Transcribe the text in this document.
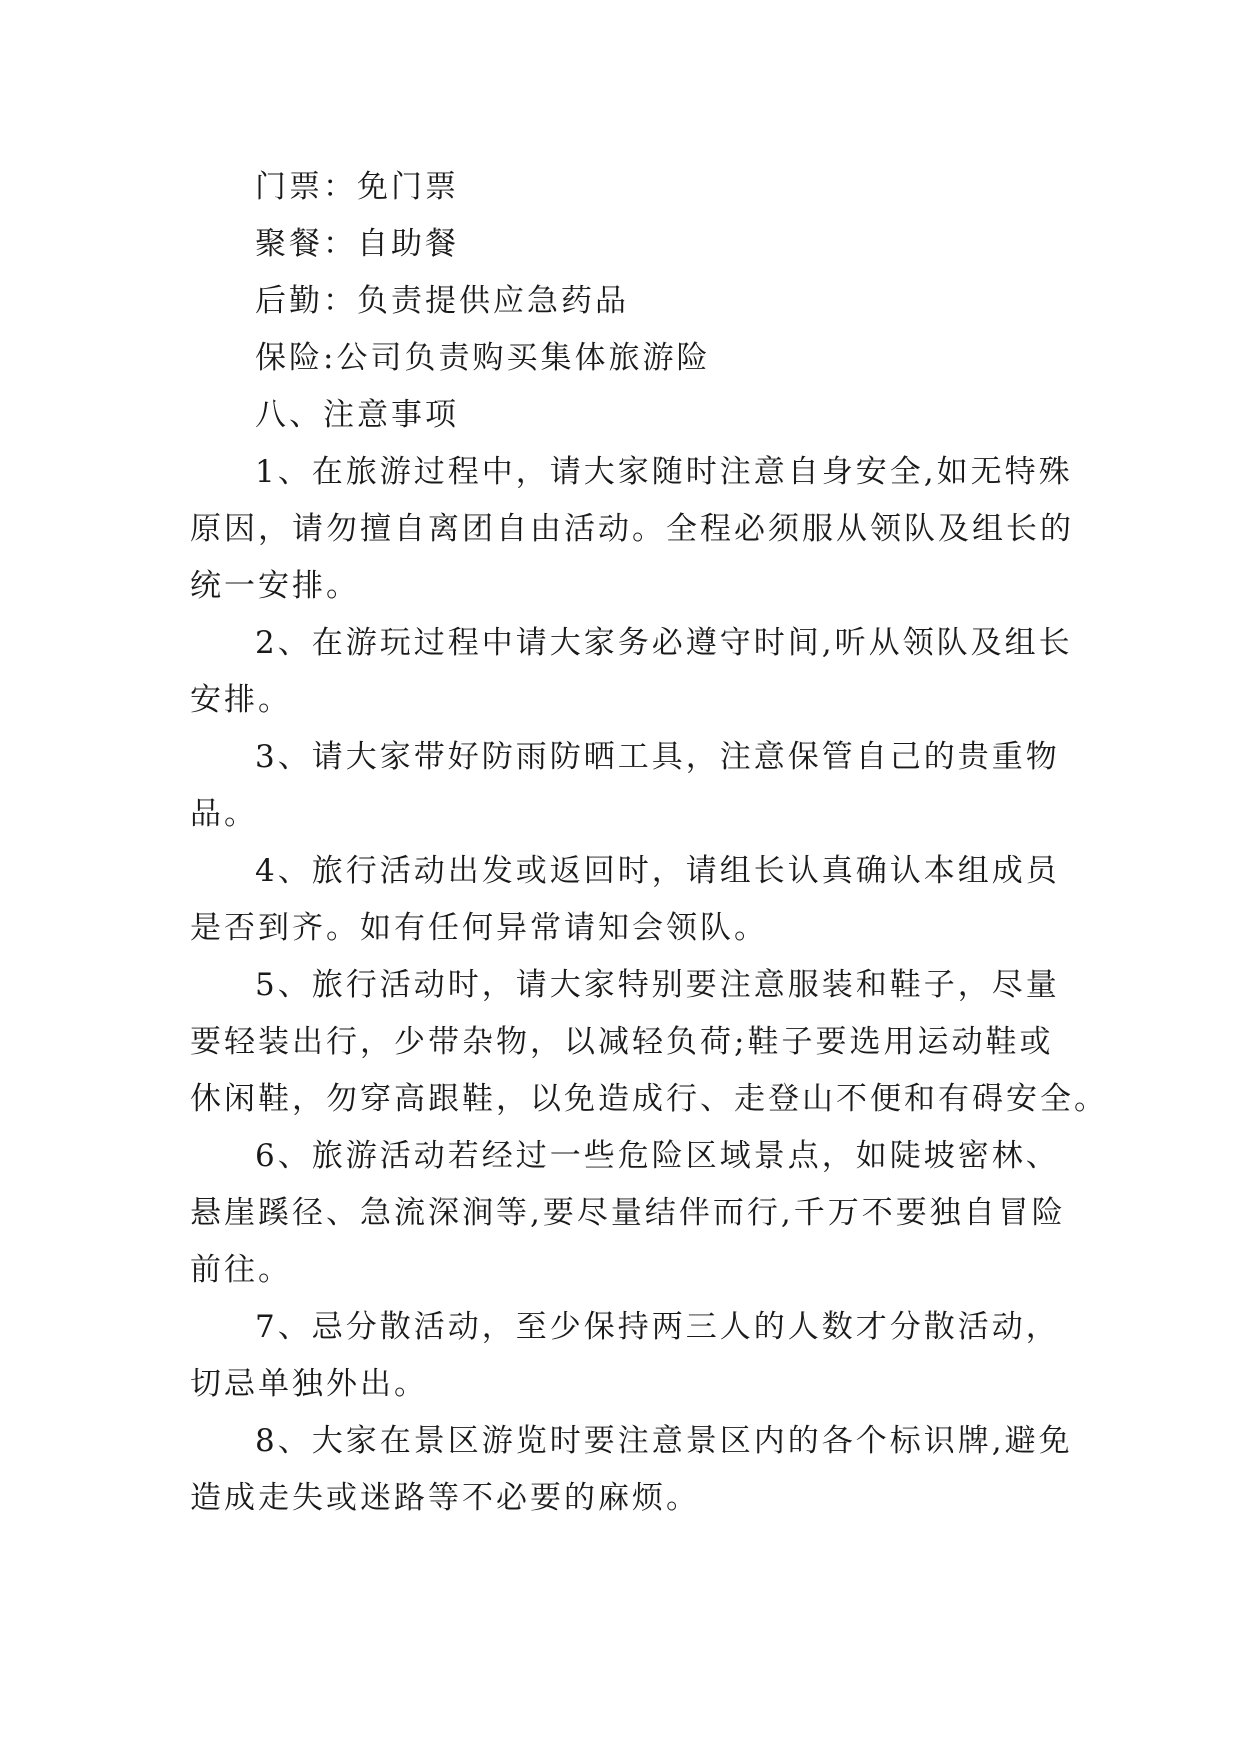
门票：免门票
聚餐：自助餐
后勤：负责提供应急药品
保险:公司负责购买集体旅游险
八、注意事项
1、在旅游过程中，请大家随时注意自身安全,如无特殊
原因，请勿擅自离团自由活动。全程必须服从领队及组长的
统一安排。
2、在游玩过程中请大家务必遵守时间,听从领队及组长
安排。
3、请大家带好防雨防晒工具，注意保管自己的贵重物
品。
4、旅行活动出发或返回时，请组长认真确认本组成员
是否到齐。如有任何异常请知会领队。
5、旅行活动时，请大家特别要注意服装和鞋子，尽量
要轻装出行，少带杂物，以减轻负荷;鞋子要选用运动鞋或
休闲鞋，勿穿高跟鞋，以免造成行、走登山不便和有碍安全。
6、旅游活动若经过一些危险区域景点，如陡坡密林、
悬崖蹊径、急流深涧等,要尽量结伴而行,千万不要独自冒险
前往。
7、忌分散活动，至少保持两三人的人数才分散活动，
切忌单独外出。
8、大家在景区游览时要注意景区内的各个标识牌,避免
造成走失或迷路等不必要的麻烦。
